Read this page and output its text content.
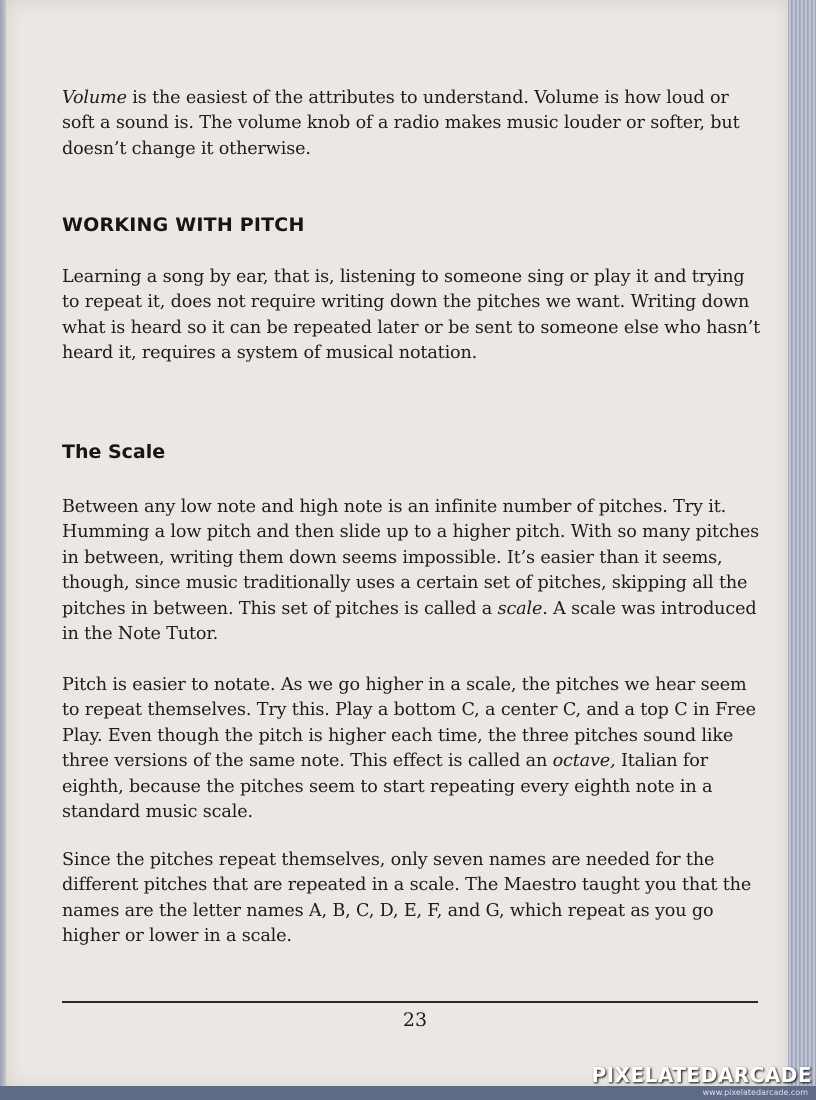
Volume is the easiest of the attributes to understand. Volume is how loud or soft a sound is. The volume knob of a radio makes music louder or softer, but doesn’t change it otherwise.

WORKING WITH PITCH

Learning a song by ear, that is, listening to someone sing or play it and trying to repeat it, does not require writing down the pitches we want. Writing down what is heard so it can be repeated later or be sent to someone else who hasn’t heard it, requires a system of musical notation.

The Scale

Between any low note and high note is an infinite number of pitches. Try it. Humming a low pitch and then slide up to a higher pitch. With so many pitches in between, writing them down seems impossible. It’s easier than it seems, though, since music traditionally uses a certain set of pitches, skipping all the pitches in between. This set of pitches is called a scale. A scale was introduced in the Note Tutor.

Pitch is easier to notate. As we go higher in a scale, the pitches we hear seem to repeat themselves. Try this. Play a bottom C, a center C, and a top C in Free Play. Even though the pitch is higher each time, the three pitches sound like three versions of the same note. This effect is called an octave, Italian for eighth, because the pitches seem to start repeating every eighth note in a standard music scale.

Since the pitches repeat themselves, only seven names are needed for the different pitches that are repeated in a scale. The Maestro taught you that the names are the letter names A, B, C, D, E, F, and G, which repeat as you go higher or lower in a scale.

23
PIXELATEDARCADE
www.pixelatedarcade.com
